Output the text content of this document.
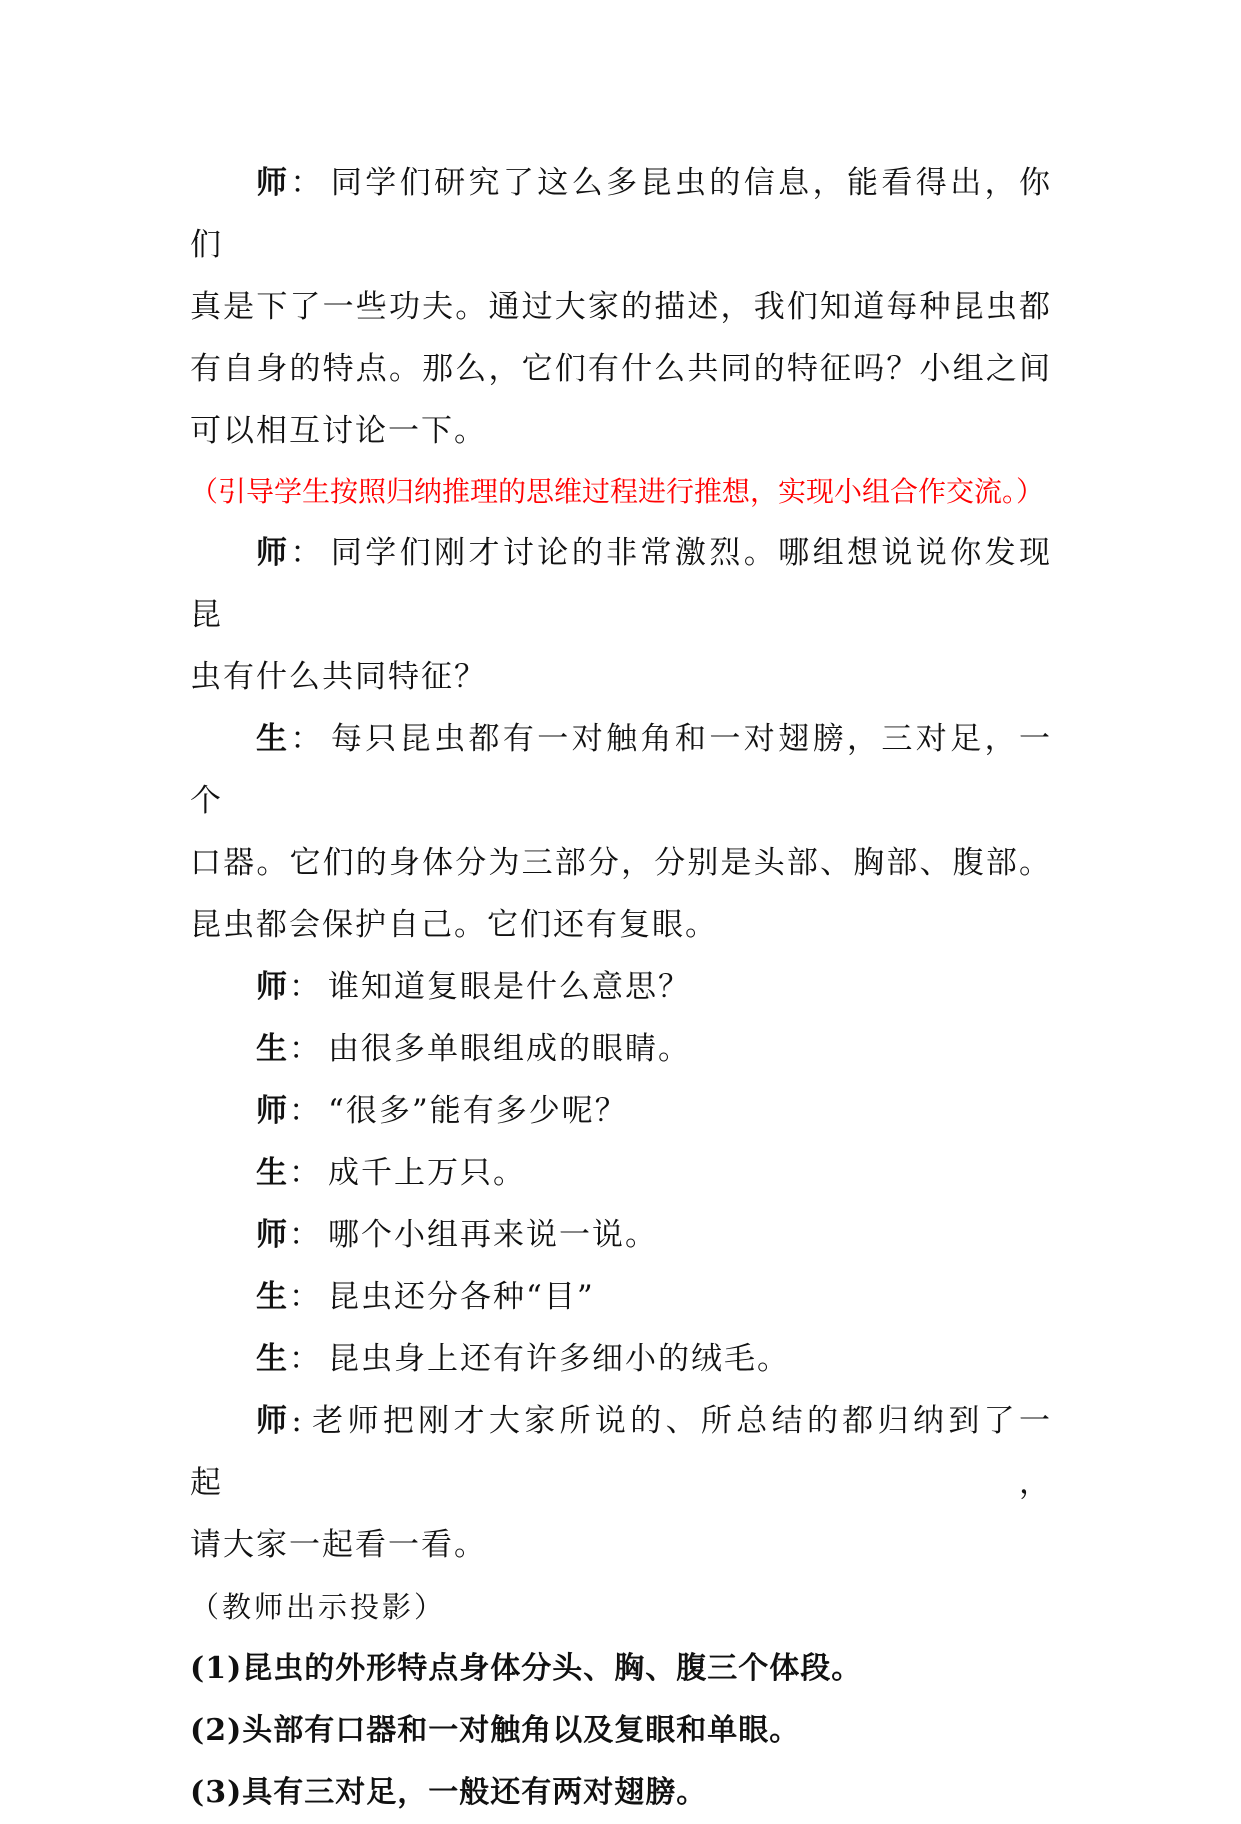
师： 同学们研究了这么多昆虫的信息，能看得出，你们

真是下了一些功夫。通过大家的描述，我们知道每种昆虫都

有自身的特点。那么，它们有什么共同的特征吗？小组之间

可以相互讨论一下。

（引导学生按照归纳推理的思维过程进行推想，实现小组合作交流。）

师： 同学们刚才讨论的非常激烈。哪组想说说你发现昆

虫有什么共同特征？

生： 每只昆虫都有一对触角和一对翅膀，三对足，一个

口器。它们的身体分为三部分，分别是头部、胸部、腹部。

昆虫都会保护自己。它们还有复眼。

师： 谁知道复眼是什么意思？

生： 由很多单眼组成的眼睛。

师： “很多”能有多少呢？

生： 成千上万只。

师： 哪个小组再来说一说。

生： 昆虫还分各种“目”

生： 昆虫身上还有许多细小的绒毛。

师: 老师把刚才大家所说的、所总结的都归纳到了一起，

请大家一起看一看。

（教师出示投影）

(1)昆虫的外形特点身体分头、胸、腹三个体段。

(2)头部有口器和一对触角以及复眼和单眼。

(3)具有三对足，一般还有两对翅膀。
